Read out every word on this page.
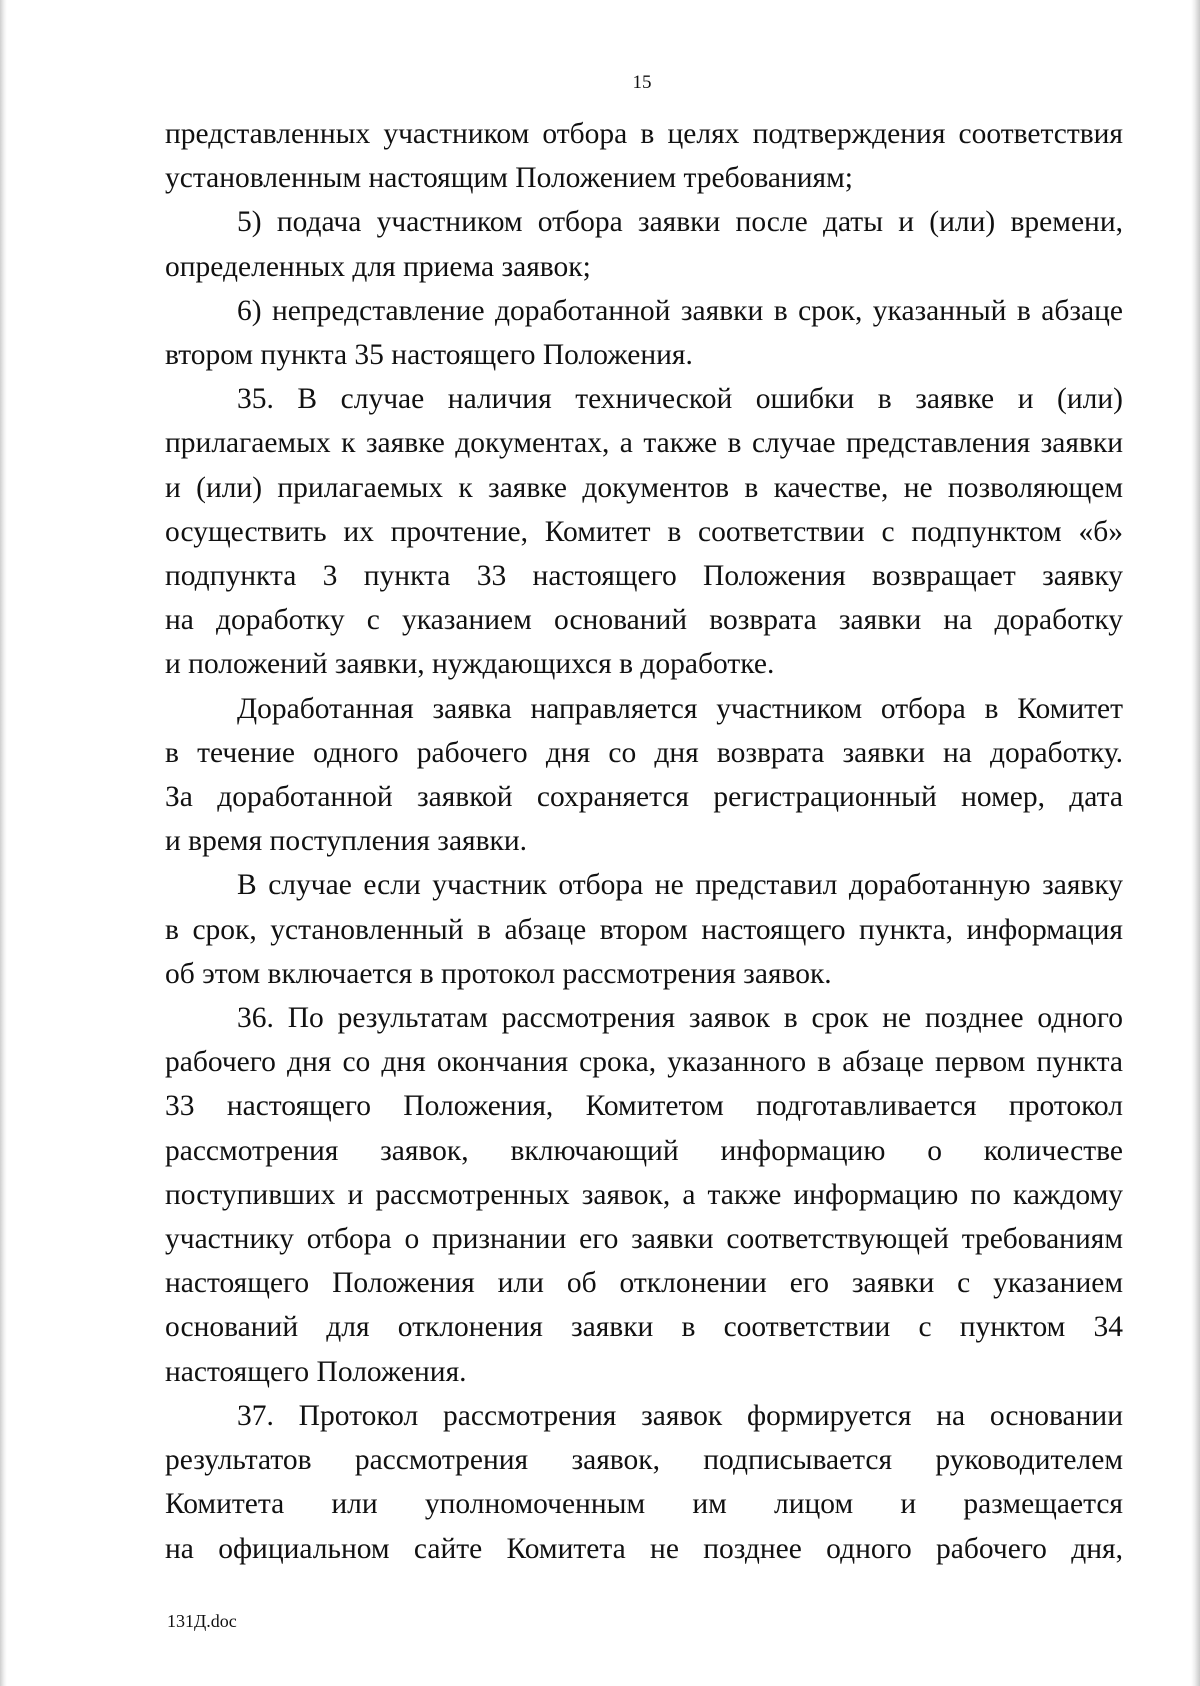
15
представленных участником отбора в целях подтверждения соответствия
установленным настоящим Положением требованиям;
5) подача участником отбора заявки после даты и (или) времени,
определенных для приема заявок;
6) непредставление доработанной заявки в срок, указанный в абзаце
втором пункта 35 настоящего Положения.
35. В случае наличия технической ошибки в заявке и (или)
прилагаемых к заявке документах, а также в случае представления заявки
и (или) прилагаемых к заявке документов в качестве, не позволяющем
осуществить их прочтение, Комитет в соответствии с подпунктом «б»
подпункта 3 пункта 33 настоящего Положения возвращает заявку
на доработку с указанием оснований возврата заявки на доработку
и положений заявки, нуждающихся в доработке.
Доработанная заявка направляется участником отбора в Комитет
в течение одного рабочего дня со дня возврата заявки на доработку.
За доработанной заявкой сохраняется регистрационный номер, дата
и время поступления заявки.
В случае если участник отбора не представил доработанную заявку
в срок, установленный в абзаце втором настоящего пункта, информация
об этом включается в протокол рассмотрения заявок.
36. По результатам рассмотрения заявок в срок не позднее одного
рабочего дня со дня окончания срока, указанного в абзаце первом пункта
33 настоящего Положения, Комитетом подготавливается протокол
рассмотрения заявок, включающий информацию о количестве
поступивших и рассмотренных заявок, а также информацию по каждому
участнику отбора о признании его заявки соответствующей требованиям
настоящего Положения или об отклонении его заявки с указанием
оснований для отклонения заявки в соответствии с пунктом 34
настоящего Положения.
37. Протокол рассмотрения заявок формируется на основании
результатов рассмотрения заявок, подписывается руководителем
Комитета или уполномоченным им лицом и размещается
на официальном сайте Комитета не позднее одного рабочего дня,
131Д.doc
